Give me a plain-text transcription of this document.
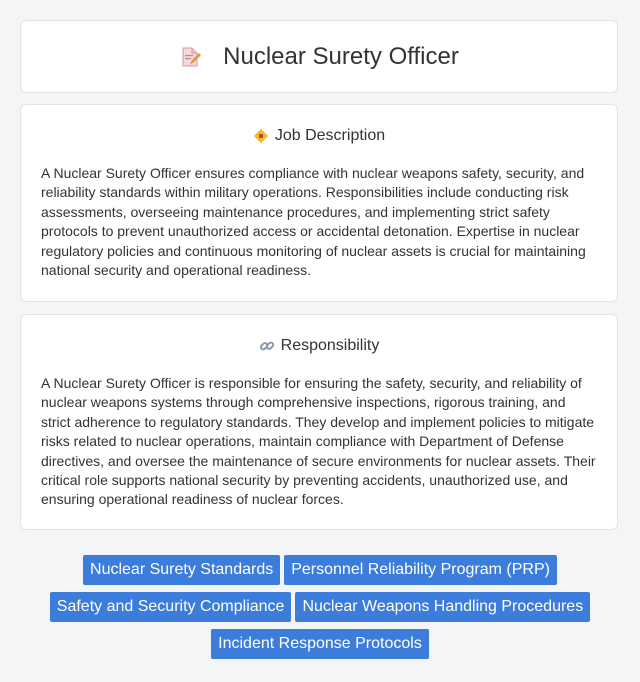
Nuclear Surety Officer
Job Description

A Nuclear Surety Officer ensures compliance with nuclear weapons safety, security, and reliability standards within military operations. Responsibilities include conducting risk assessments, overseeing maintenance procedures, and implementing strict safety protocols to prevent unauthorized access or accidental detonation. Expertise in nuclear regulatory policies and continuous monitoring of nuclear assets is crucial for maintaining national security and operational readiness.

Responsibility

A Nuclear Surety Officer is responsible for ensuring the safety, security, and reliability of nuclear weapons systems through comprehensive inspections, rigorous training, and strict adherence to regulatory standards. They develop and implement policies to mitigate risks related to nuclear operations, maintain compliance with Department of Defense directives, and oversee the maintenance of secure environments for nuclear assets. Their critical role supports national security by preventing accidents, unauthorized use, and ensuring operational readiness of nuclear forces.

Nuclear Surety Standards Personnel Reliability Program (PRP)
Safety and Security Compliance Nuclear Weapons Handling Procedures
Incident Response Protocols
